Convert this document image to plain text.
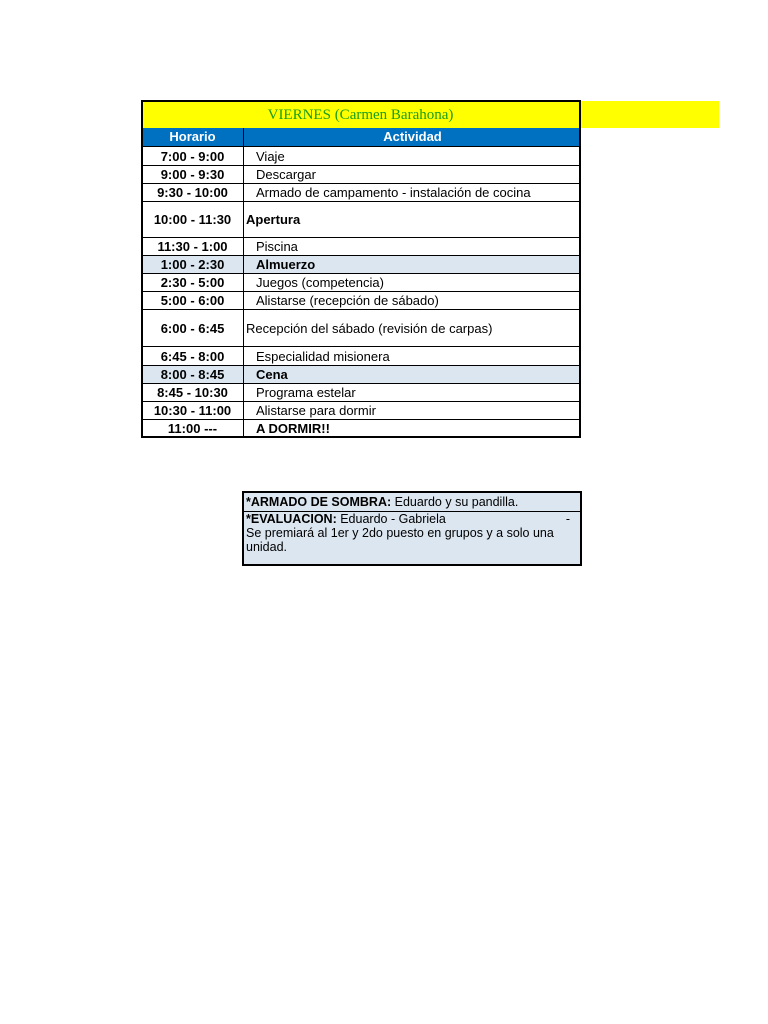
VIERNES (Carmen Barahona)
Horario	Actividad
7:00 - 9:00	Viaje
9:00 - 9:30	Descargar
9:30 - 10:00	Armado de campamento - instalación de cocina
10:00 - 11:30	Apertura
11:30 - 1:00	Piscina
1:00 - 2:30	Almuerzo
2:30 - 5:00	Juegos (competencia)
5:00 - 6:00	Alistarse (recepción de sábado)
6:00 - 6:45	Recepción del sábado (revisión de carpas)
6:45 - 8:00	Especialidad misionera
8:00 - 8:45	Cena
8:45 - 10:30	Programa estelar
10:30 - 11:00	Alistarse para dormir
11:00 ---	A DORMIR!!
*ARMADO DE SOMBRA: Eduardo y su pandilla.
*EVALUACION: Eduardo - Gabriela	-
Se premiará al 1er y 2do puesto en grupos y a solo una unidad.
